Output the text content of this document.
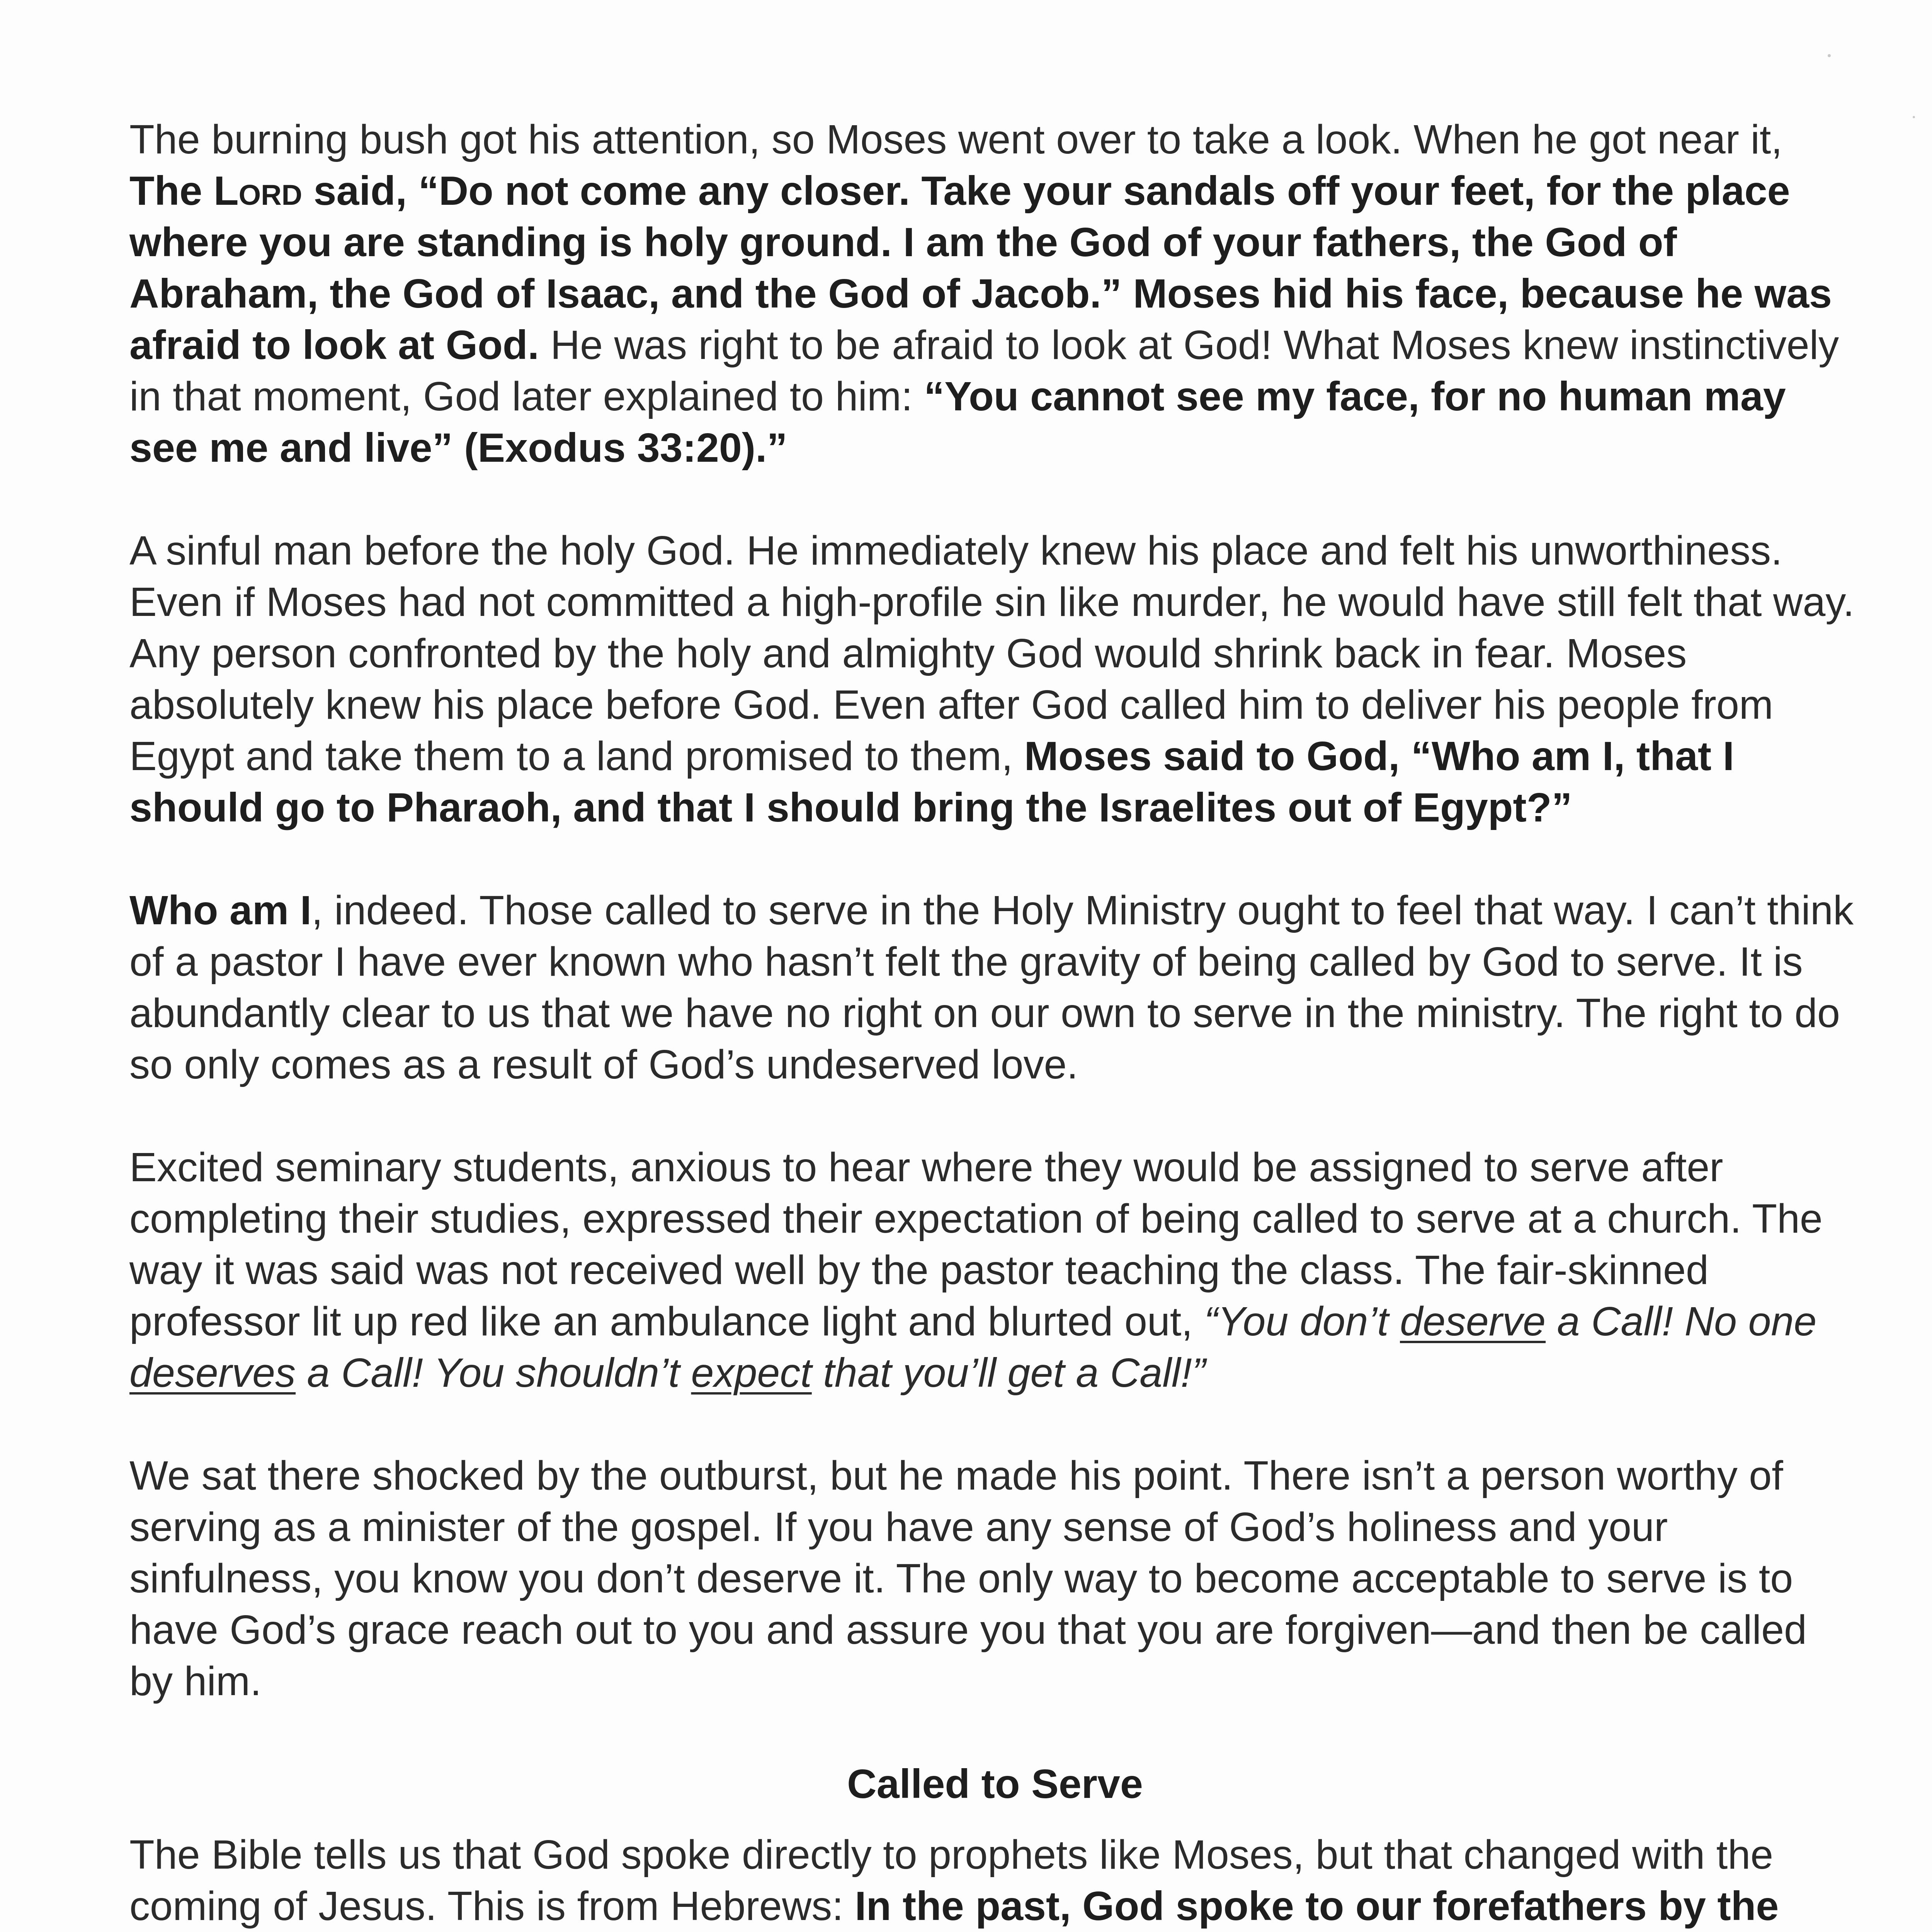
The burning bush got his attention, so Moses went over to take a look. When he got near it, The Lord said, “Do not come any closer. Take your sandals off your feet, for the place where you are standing is holy ground. I am the God of your fathers, the God of Abraham, the God of Isaac, and the God of Jacob.” Moses hid his face, because he was afraid to look at God. He was right to be afraid to look at God! What Moses knew instinctively in that moment, God later explained to him: “You cannot see my face, for no human may see me and live” (Exodus 33:20).”

A sinful man before the holy God. He immediately knew his place and felt his unworthiness. Even if Moses had not committed a high-profile sin like murder, he would have still felt that way. Any person confronted by the holy and almighty God would shrink back in fear. Moses absolutely knew his place before God. Even after God called him to deliver his people from Egypt and take them to a land promised to them, Moses said to God, “Who am I, that I should go to Pharaoh, and that I should bring the Israelites out of Egypt?”

Who am I, indeed. Those called to serve in the Holy Ministry ought to feel that way. I can’t think of a pastor I have ever known who hasn’t felt the gravity of being called by God to serve. It is abundantly clear to us that we have no right on our own to serve in the ministry. The right to do so only comes as a result of God’s undeserved love.

Excited seminary students, anxious to hear where they would be assigned to serve after completing their studies, expressed their expectation of being called to serve at a church. The way it was said was not received well by the pastor teaching the class. The fair-skinned professor lit up red like an ambulance light and blurted out, “You don’t deserve a Call! No one deserves a Call! You shouldn’t expect that you’ll get a Call!”

We sat there shocked by the outburst, but he made his point. There isn’t a person worthy of serving as a minister of the gospel. If you have any sense of God’s holiness and your sinfulness, you know you don’t deserve it. The only way to become acceptable to serve is to have God’s grace reach out to you and assure you that you are forgiven—and then be called by him.

Called to Serve

The Bible tells us that God spoke directly to prophets like Moses, but that changed with the coming of Jesus. This is from Hebrews: In the past, God spoke to our forefathers by the
